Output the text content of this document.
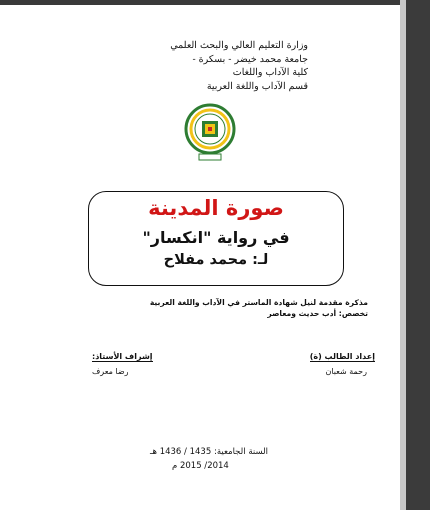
وزارة التعليم العالي والبحث العلمي
جامعة محمد خيضر - بسكرة -
كلية الآداب واللغات
قسم الآداب واللغة العربية
صورة المدينة
في رواية "انكسار"
لـ: محمد مفلاح
مذكرة مقدمة لنيل شهادة الماستر في الآداب واللغة العربية
تخصص: أدب حديث ومعاصر
إعداد الطالب (ة)
رحمة شعبان
إشراف الأستاذ:
رضا معرف
السنة الجامعية: 1435 / 1436 هـ
2014/ 2015 م
